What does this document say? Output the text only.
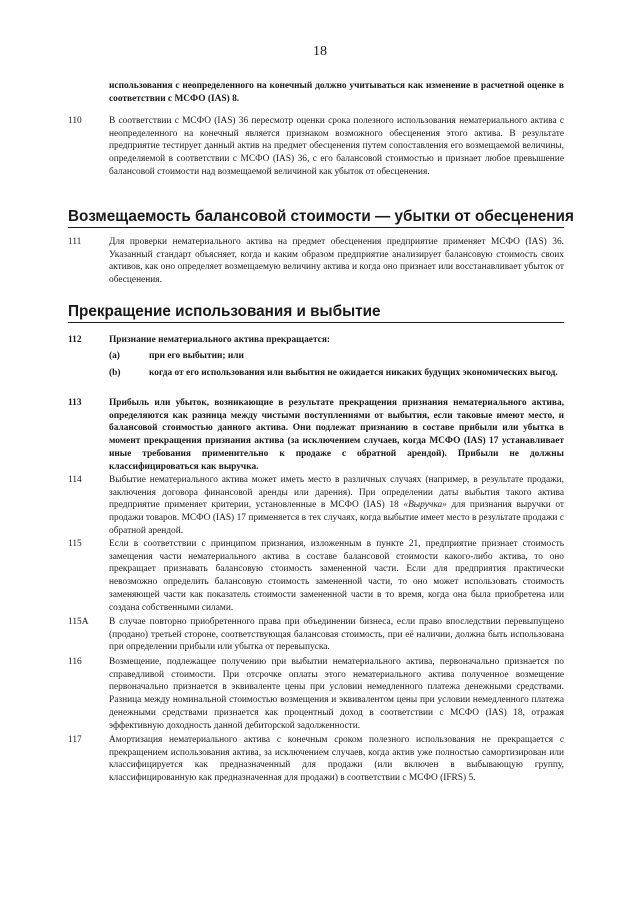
18
использования с неопределенного на конечный должно учитываться как изменение в расчетной оценке в соответствии с МСФО (IAS) 8.
110	В соответствии с МСФО (IAS) 36 пересмотр оценки срока полезного использования нематериального актива с неопределенного на конечный является признаком возможного обесценения этого актива. В результате предприятие тестирует данный актив на предмет обесценения путем сопоставления его возмещаемой величины, определяемой в соответствии с МСФО (IAS) 36, с его балансовой стоимостью и признает любое превышение балансовой стоимости над возмещаемой величиной как убыток от обесценения.
Возмещаемость балансовой стоимости — убытки от обесценения
111	Для проверки нематериального актива на предмет обесценения предприятие применяет МСФО (IAS) 36. Указанный стандарт объясняет, когда и каким образом предприятие анализирует балансовую стоимость своих активов, как оно определяет возмещаемую величину актива и когда оно признает или восстанавливает убыток от обесценения.
Прекращение использования и выбытие
112	Признание нематериального актива прекращается:
(a)	при его выбытии; или
(b)	когда от его использования или выбытия не ожидается никаких будущих экономических выгод.
113	Прибыль или убыток, возникающие в результате прекращения признания нематериального актива, определяются как разница между чистыми поступлениями от выбытия, если таковые имеют место, и балансовой стоимостью данного актива. Они подлежат признанию в составе прибыли или убытка в момент прекращения признания актива (за исключением случаев, когда МСФО (IAS) 17 устанавливает иные требования применительно к продаже с обратной арендой). Прибыли не должны классифицироваться как выручка.
114	Выбытие нематериального актива может иметь место в различных случаях (например, в результате продажи, заключения договора финансовой аренды или дарения). При определении даты выбытия такого актива предприятие применяет критерии, установленные в МСФО (IAS) 18 «Выручка» для признания выручки от продажи товаров. МСФО (IAS) 17 применяется в тех случаях, когда выбытие имеет место в результате продажи с обратной арендой.
115	Если в соответствии с принципом признания, изложенным в пункте 21, предприятие признает стоимость замещения части нематериального актива в составе балансовой стоимости какого-либо актива, то оно прекращает признавать балансовую стоимость замененной части. Если для предприятия практически невозможно определить балансовую стоимость замененной части, то оно может использовать стоимость заменяющей части как показатель стоимости замененной части в то время, когда она была приобретена или создана собственными силами.
115A	В случае повторно приобретенного права при объединении бизнеса, если право впоследствии перевыпущено (продано) третьей стороне, соответствующая балансовая стоимость, при её наличии, должна быть использована при определении прибыли или убытка от перевыпуска.
116	Возмещение, подлежащее получению при выбытии нематериального актива, первоначально признается по справедливой стоимости. При отсрочке оплаты этого нематериального актива полученное возмещение первоначально признается в эквиваленте цены при условии немедленного платежа денежными средствами. Разница между номинальной стоимостью возмещения и эквивалентом цены при условии немедленного платежа денежными средствами признается как процентный доход в соответствии с МСФО (IAS) 18, отражая эффективную доходность данной дебиторской задолженности.
117	Амортизация нематериального актива с конечным сроком полезного использования не прекращается с прекращением использования актива, за исключением случаев, когда актив уже полностью самортизирован или классифицируется как предназначенный для продажи (или включен в выбывающую группу, классифицированную как предназначенная для продажи) в соответствии с МСФО (IFRS) 5.
